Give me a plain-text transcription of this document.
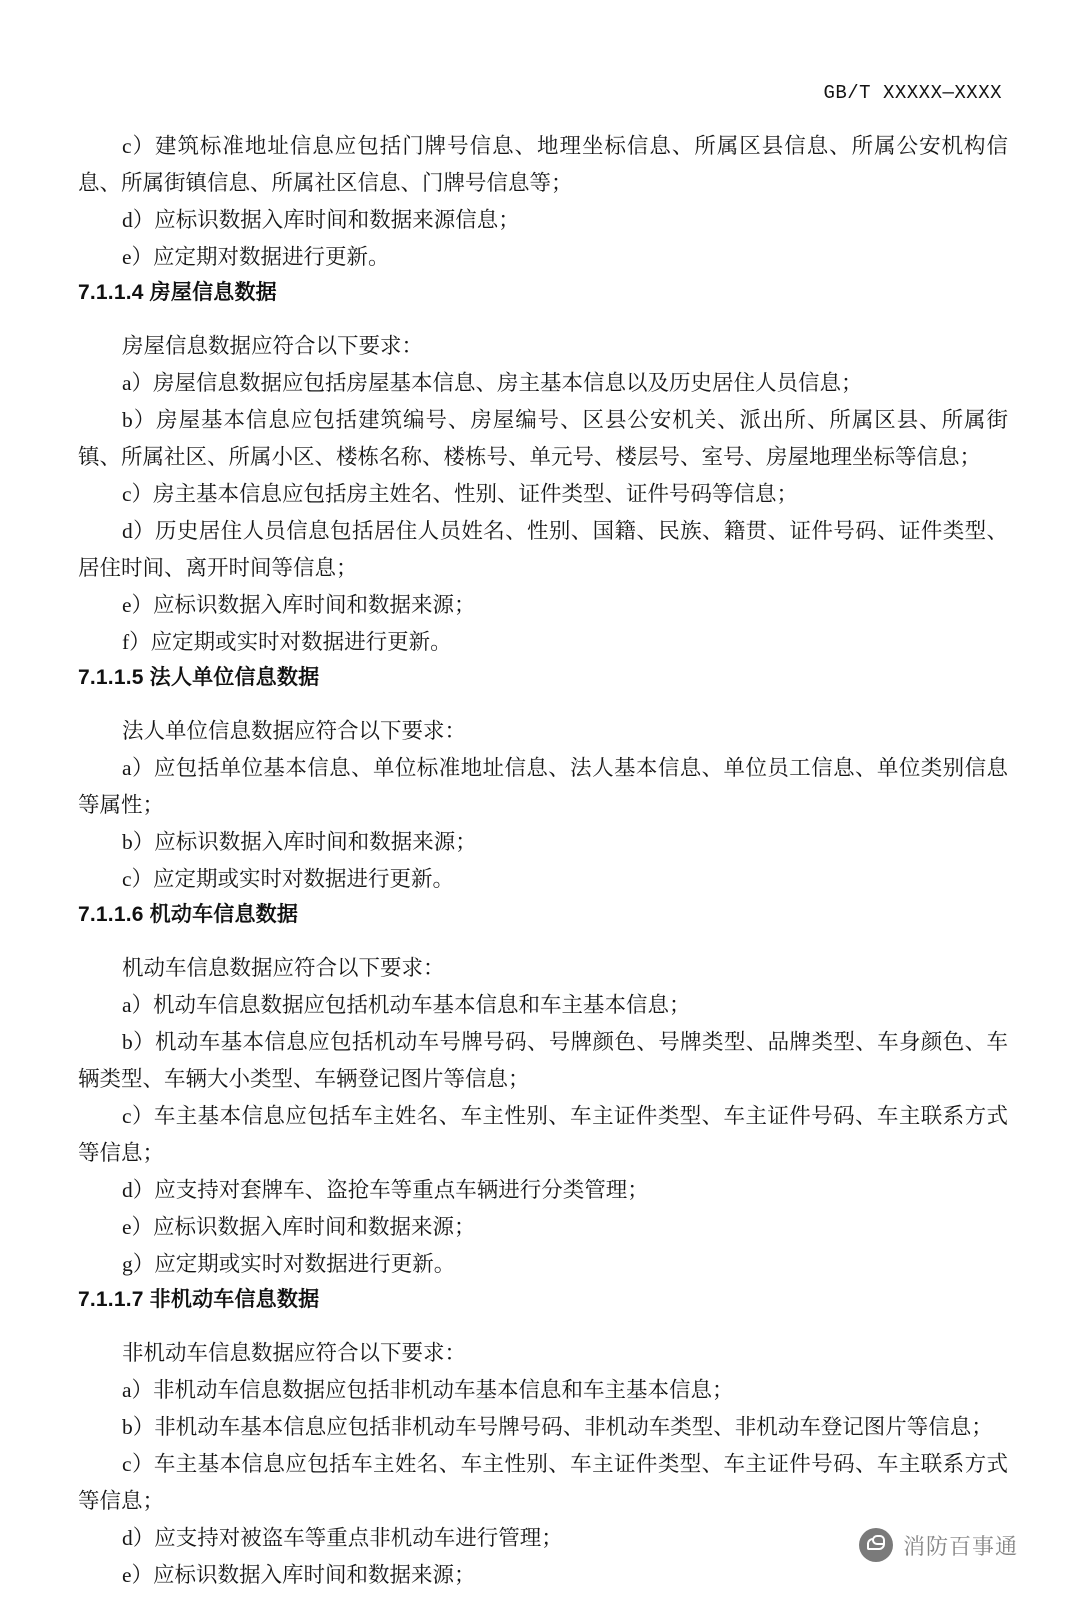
GB/T XXXXX—XXXX

c）建筑标准地址信息应包括门牌号信息、地理坐标信息、所属区县信息、所属公安机构信息、所属街镇信息、所属社区信息、门牌号信息等；

d）应标识数据入库时间和数据来源信息；

e）应定期对数据进行更新。

7.1.1.4 房屋信息数据

房屋信息数据应符合以下要求：

a）房屋信息数据应包括房屋基本信息、房主基本信息以及历史居住人员信息；

b）房屋基本信息应包括建筑编号、房屋编号、区县公安机关、派出所、所属区县、所属街镇、所属社区、所属小区、楼栋名称、楼栋号、单元号、楼层号、室号、房屋地理坐标等信息；

c）房主基本信息应包括房主姓名、性别、证件类型、证件号码等信息；

d）历史居住人员信息包括居住人员姓名、性别、国籍、民族、籍贯、证件号码、证件类型、居住时间、离开时间等信息；

e）应标识数据入库时间和数据来源；

f）应定期或实时对数据进行更新。

7.1.1.5 法人单位信息数据

法人单位信息数据应符合以下要求：

a）应包括单位基本信息、单位标准地址信息、法人基本信息、单位员工信息、单位类别信息等属性；

b）应标识数据入库时间和数据来源；

c）应定期或实时对数据进行更新。

7.1.1.6 机动车信息数据

机动车信息数据应符合以下要求：

a）机动车信息数据应包括机动车基本信息和车主基本信息；

b）机动车基本信息应包括机动车号牌号码、号牌颜色、号牌类型、品牌类型、车身颜色、车辆类型、车辆大小类型、车辆登记图片等信息；

c）车主基本信息应包括车主姓名、车主性别、车主证件类型、车主证件号码、车主联系方式等信息；

d）应支持对套牌车、盗抢车等重点车辆进行分类管理；

e）应标识数据入库时间和数据来源；

g）应定期或实时对数据进行更新。

7.1.1.7 非机动车信息数据

非机动车信息数据应符合以下要求：

a）非机动车信息数据应包括非机动车基本信息和车主基本信息；

b）非机动车基本信息应包括非机动车号牌号码、非机动车类型、非机动车登记图片等信息；

c）车主基本信息应包括车主姓名、车主性别、车主证件类型、车主证件号码、车主联系方式等信息；

d）应支持对被盗车等重点非机动车进行管理；

e）应标识数据入库时间和数据来源；

消防百事通
